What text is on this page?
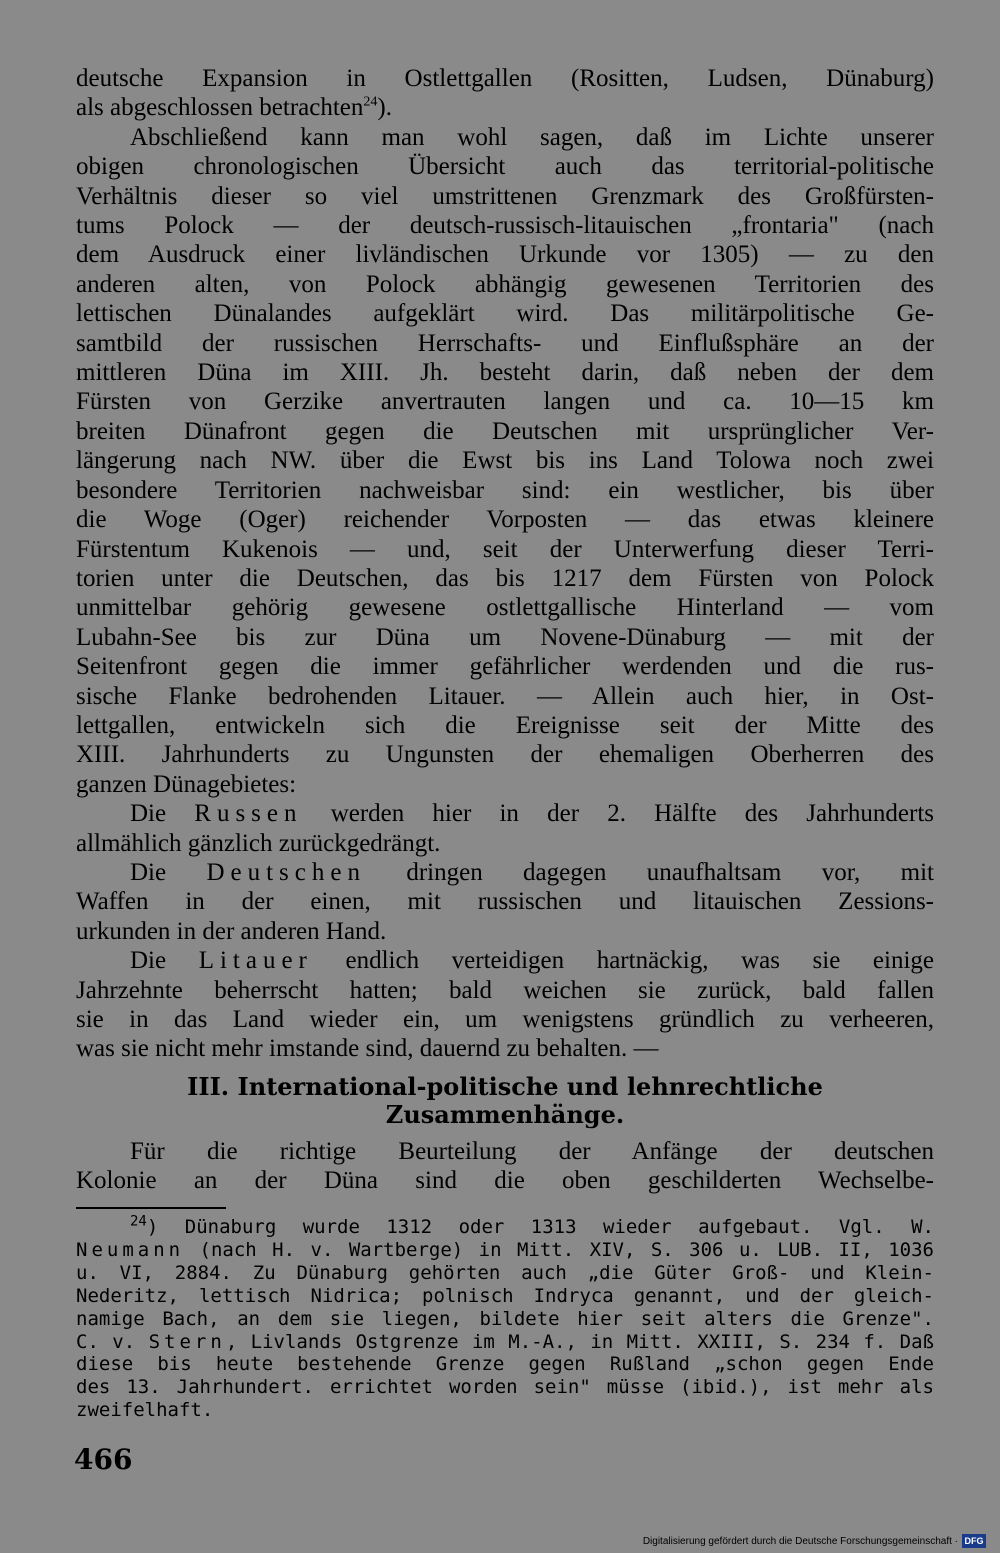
deutsche Expansion in Ostlettgallen (Rositten, Ludsen, Dünaburg)
als abgeschlossen betrachten$^{24}$).
Abschließend kann man wohl sagen, daß im Lichte unserer
obigen chronologischen Übersicht auch das territorial-politische
Verhältnis dieser so viel umstrittenen Grenzmark des Großfürsten-
tums Polock — der deutsch-russisch-litauischen „frontaria" (nach
dem Ausdruck einer livländischen Urkunde vor 1305) — zu den
anderen alten, von Polock abhängig gewesenen Territorien des
lettischen Dünalandes aufgeklärt wird. Das militärpolitische Ge-
samtbild der russischen Herrschafts- und Einflußsphäre an der
mittleren Düna im XIII. Jh. besteht darin, daß neben der dem
Fürsten von Gerzike anvertrauten langen und ca. 10—15 km
breiten Dünafront gegen die Deutschen mit ursprünglicher Ver-
längerung nach NW. über die Ewst bis ins Land Tolowa noch zwei
besondere Territorien nachweisbar sind: ein westlicher, bis über
die Woge (Oger) reichender Vorposten — das etwas kleinere
Fürstentum Kukenois — und, seit der Unterwerfung dieser Terri-
torien unter die Deutschen, das bis 1217 dem Fürsten von Polock
unmittelbar gehörig gewesene ostlettgallische Hinterland — vom
Lubahn-See bis zur Düna um Novene-Dünaburg — mit der
Seitenfront gegen die immer gefährlicher werdenden und die rus-
sische Flanke bedrohenden Litauer. — Allein auch hier, in Ost-
lettgallen, entwickeln sich die Ereignisse seit der Mitte des
XIII. Jahrhunderts zu Ungunsten der ehemaligen Oberherren des
ganzen Dünagebietes:
Die Russen werden hier in der 2. Hälfte des Jahrhunderts
allmählich gänzlich zurückgedrängt.
Die Deutschen dringen dagegen unaufhaltsam vor, mit
Waffen in der einen, mit russischen und litauischen Zessions-
urkunden in der anderen Hand.
Die Litauer endlich verteidigen hartnäckig, was sie einige
Jahrzehnte beherrscht hatten; bald weichen sie zurück, bald fallen
sie in das Land wieder ein, um wenigstens gründlich zu verheeren,
was sie nicht mehr imstande sind, dauernd zu behalten. —
III. International-politische und lehnrechtliche
Zusammenhänge.
Für die richtige Beurteilung der Anfänge der deutschen
Kolonie an der Düna sind die oben geschilderten Wechselbe-
$^{24}$) Dünaburg wurde 1312 oder 1313 wieder aufgebaut. Vgl. W.
Neumann (nach H. v. Wartberge) in Mitt. XIV, S. 306 u. LUB. II, 1036
u. VI, 2884. Zu Dünaburg gehörten auch „die Güter Groß- und Klein-
Nederitz, lettisch Nidrica; polnisch Indryca genannt, und der gleich-
namige Bach, an dem sie liegen, bildete hier seit alters die Grenze".
C. v. Stern, Livlands Ostgrenze im M.-A., in Mitt. XXIII, S. 234 f. Daß
diese bis heute bestehende Grenze gegen Rußland „schon gegen Ende
des 13. Jahrhundert. errichtet worden sein" müsse (ibid.), ist mehr als
zweifelhaft.
466
Digitalisierung gefördert durch die Deutsche Forschungsgemeinschaft · DFG
